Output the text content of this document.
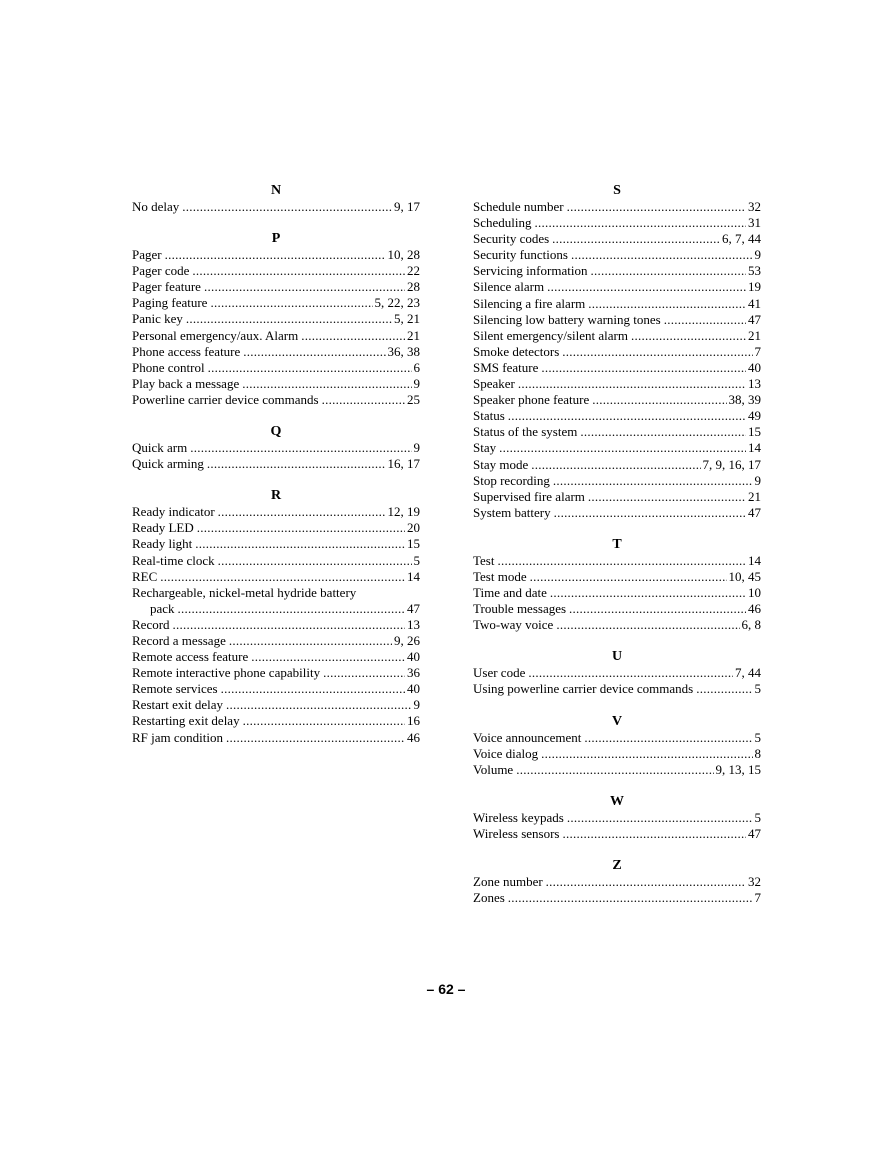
N
No delay . . .	9, 17
P
Pager . . .	10, 28
Pager code . . .	22
Pager feature . . .	28
Paging feature . . .	5, 22, 23
Panic key . . .	5, 21
Personal emergency/aux. Alarm . . .	21
Phone access feature . . .	36, 38
Phone control . . .	6
Play back a message . . .	9
Powerline carrier device commands . . .	25
Q
Quick arm . . .	9
Quick arming . . .	16, 17
R
Ready indicator . . .	12, 19
Ready LED . . .	20
Ready light . . .	15
Real-time clock . . .	5
REC . . .	14
Rechargeable, nickel-metal hydride battery
pack . . .	47
Record . . .	13
Record a message . . .	9, 26
Remote access feature . . .	40
Remote interactive phone capability . . .	36
Remote services . . .	40
Restart exit delay . . .	9
Restarting exit delay . . .	16
RF jam condition . . .	46
S
Schedule number . . .	32
Scheduling . . .	31
Security codes . . .	6, 7, 44
Security functions . . .	9
Servicing information . . .	53
Silence alarm . . .	19
Silencing a fire alarm . . .	41
Silencing low battery warning tones . . .	47
Silent emergency/silent alarm . . .	21
Smoke detectors . . .	7
SMS feature . . .	40
Speaker . . .	13
Speaker phone feature . . .	38, 39
Status . . .	49
Status of the system . . .	15
Stay . . .	14
Stay mode . . .	7, 9, 16, 17
Stop recording . . .	9
Supervised fire alarm . . .	21
System battery . . .	47
T
Test . . .	14
Test mode . . .	10, 45
Time and date . . .	10
Trouble messages . . .	46
Two-way voice . . .	6, 8
U
User code . . .	7, 44
Using powerline carrier device commands . . .	5
V
Voice announcement . . .	5
Voice dialog . . .	8
Volume . . .	9, 13, 15
W
Wireless keypads . . .	5
Wireless sensors . . .	47
Z
Zone number . . .	32
Zones . . .	7
– 62 –
